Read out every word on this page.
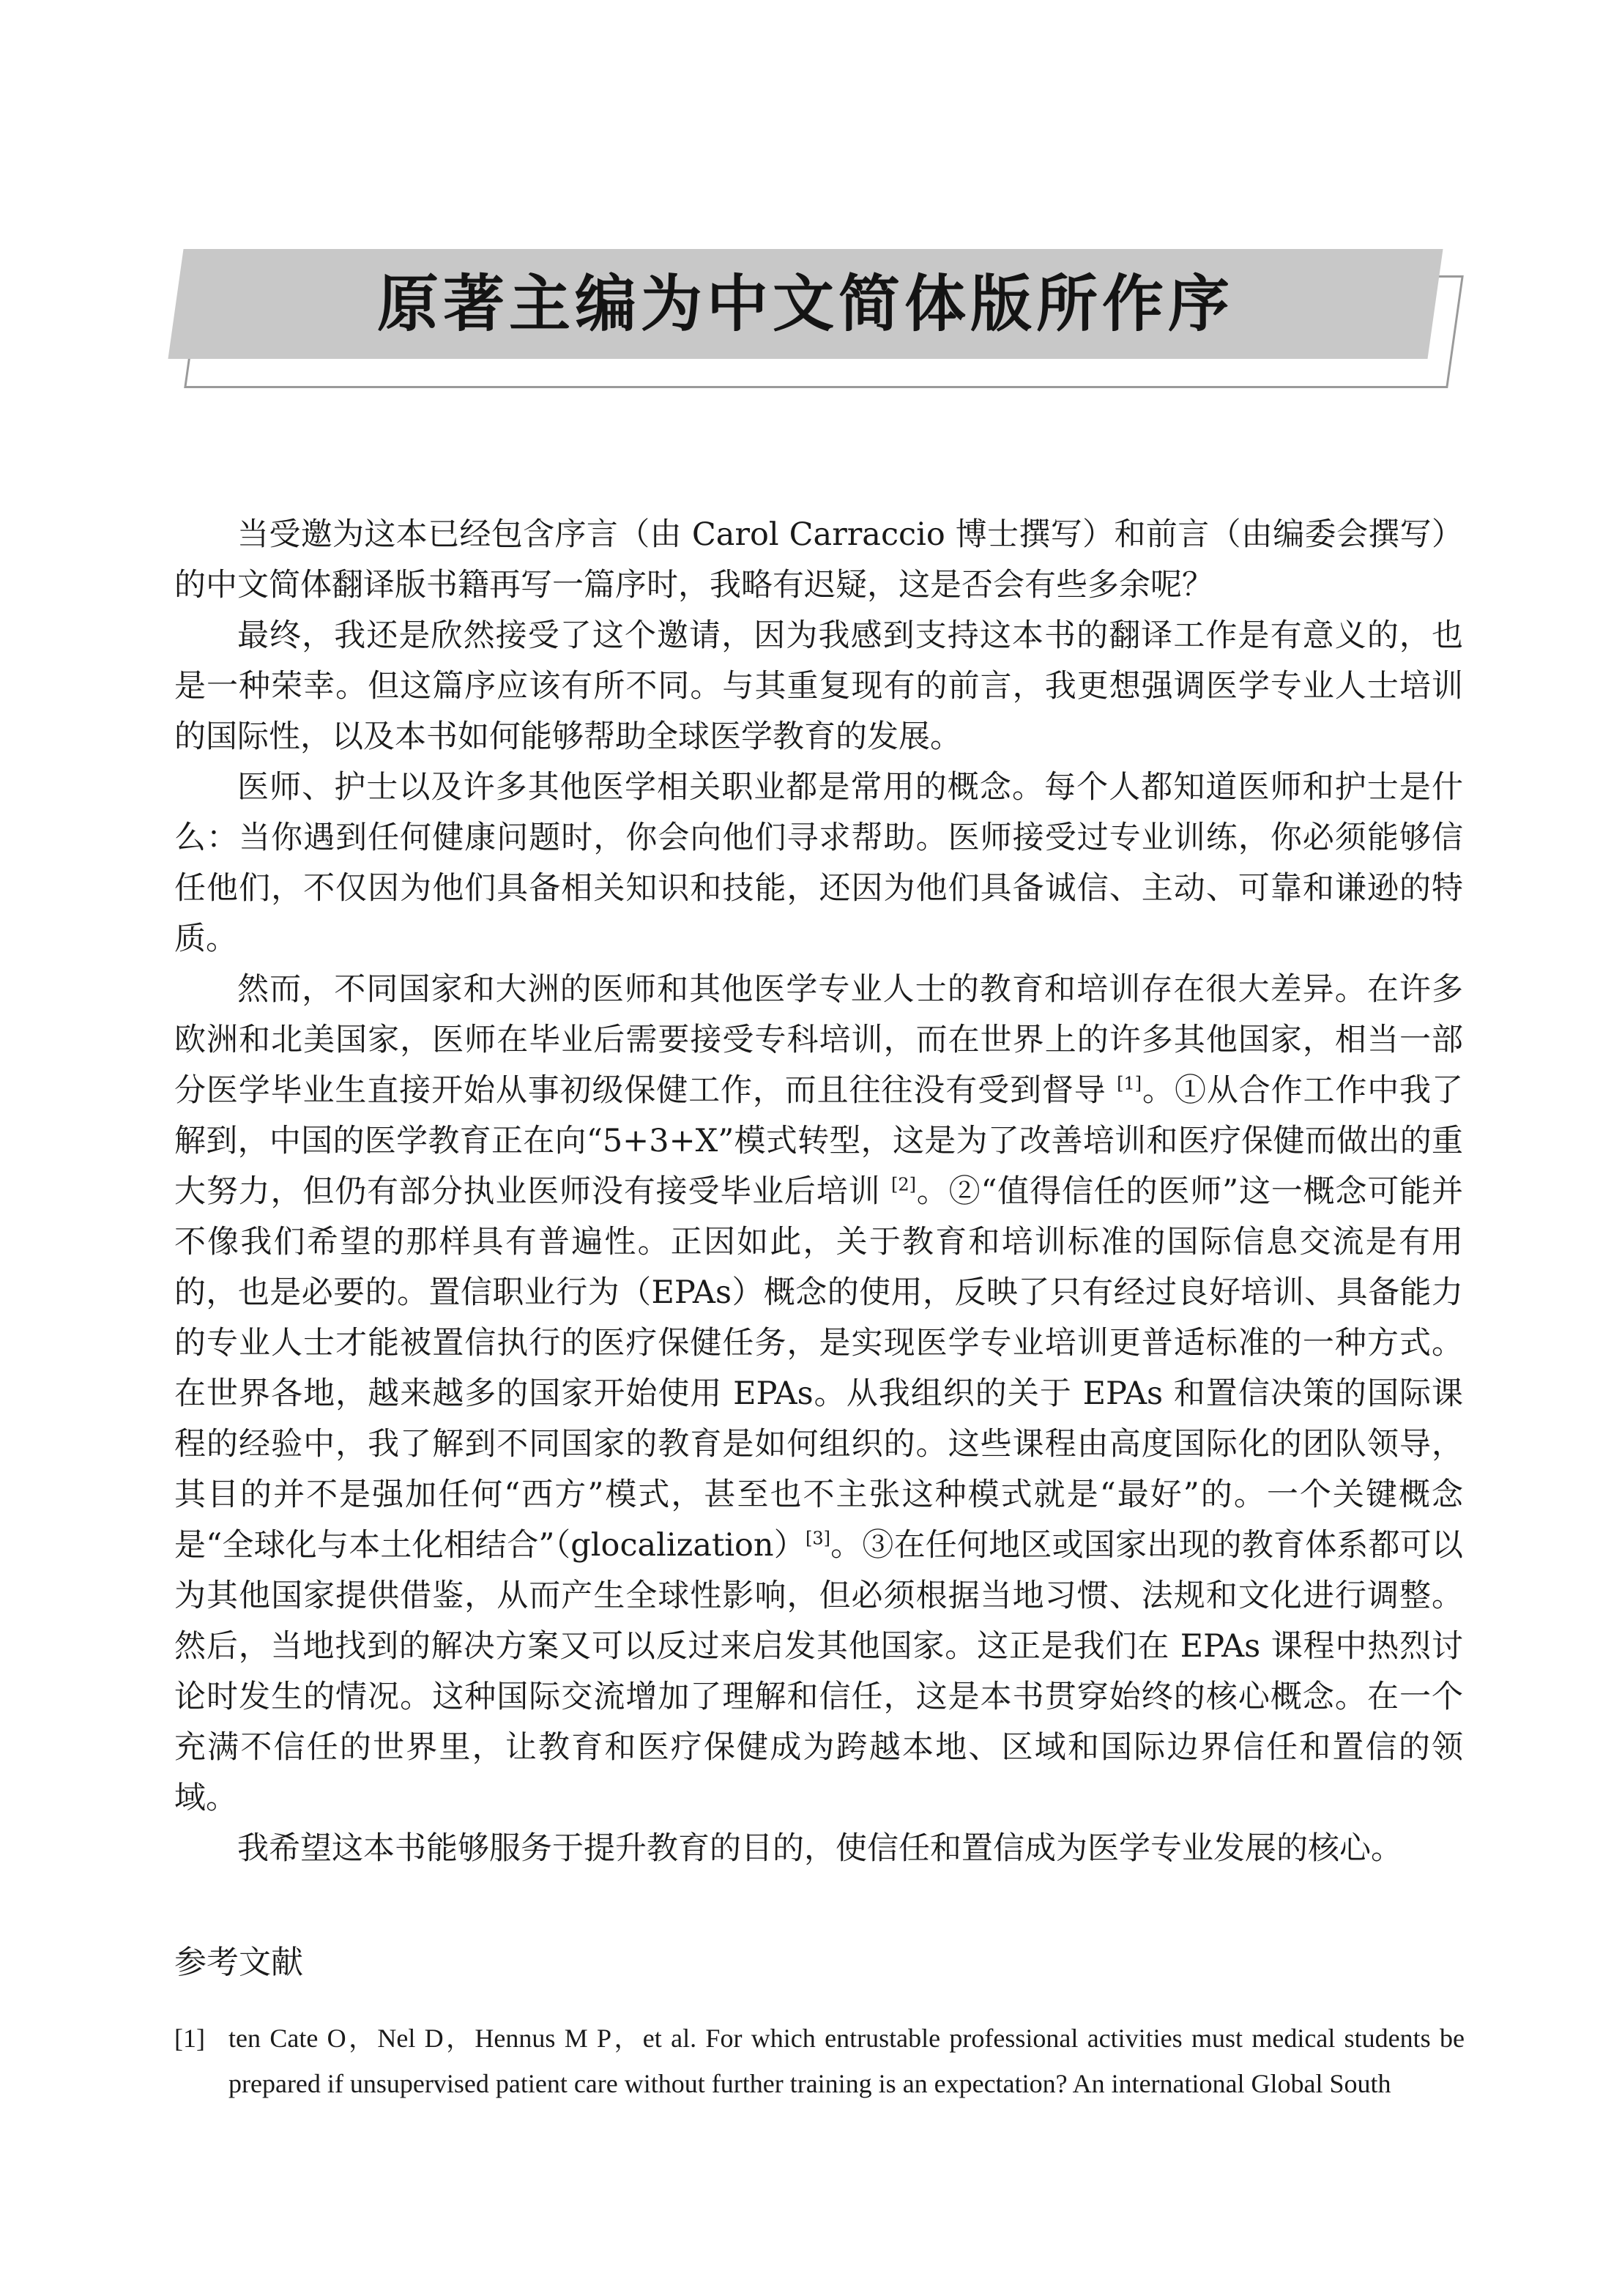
原著主编为中文简体版所作序

当受邀为这本已经包含序言（由 Carol Carraccio 博士撰写）和前言（由编委会撰写）的中文简体翻译版书籍再写一篇序时，我略有迟疑，这是否会有些多余呢？

最终，我还是欣然接受了这个邀请，因为我感到支持这本书的翻译工作是有意义的，也是一种荣幸。但这篇序应该有所不同。与其重复现有的前言，我更想强调医学专业人士培训的国际性，以及本书如何能够帮助全球医学教育的发展。

医师、护士以及许多其他医学相关职业都是常用的概念。每个人都知道医师和护士是什么：当你遇到任何健康问题时，你会向他们寻求帮助。医师接受过专业训练，你必须能够信任他们，不仅因为他们具备相关知识和技能，还因为他们具备诚信、主动、可靠和谦逊的特质。

然而，不同国家和大洲的医师和其他医学专业人士的教育和培训存在很大差异。在许多欧洲和北美国家，医师在毕业后需要接受专科培训，而在世界上的许多其他国家，相当一部分医学毕业生直接开始从事初级保健工作，而且往往没有受到督导 [1]。①从合作工作中我了解到，中国的医学教育正在向“5+3+X”模式转型，这是为了改善培训和医疗保健而做出的重大努力，但仍有部分执业医师没有接受毕业后培训 [2]。②“值得信任的医师”这一概念可能并不像我们希望的那样具有普遍性。正因如此，关于教育和培训标准的国际信息交流是有用的，也是必要的。置信职业行为（EPAs）概念的使用，反映了只有经过良好培训、具备能力的专业人士才能被置信执行的医疗保健任务，是实现医学专业培训更普适标准的一种方式。在世界各地，越来越多的国家开始使用 EPAs。从我组织的关于 EPAs 和置信决策的国际课程的经验中，我了解到不同国家的教育是如何组织的。这些课程由高度国际化的团队领导，其目的并不是强加任何“西方”模式，甚至也不主张这种模式就是“最好”的。一个关键概念是“全球化与本土化相结合”（glocalization）[3]。③在任何地区或国家出现的教育体系都可以为其他国家提供借鉴，从而产生全球性影响，但必须根据当地习惯、法规和文化进行调整。然后，当地找到的解决方案又可以反过来启发其他国家。这正是我们在 EPAs 课程中热烈讨论时发生的情况。这种国际交流增加了理解和信任，这是本书贯穿始终的核心概念。在一个充满不信任的世界里，让教育和医疗保健成为跨越本地、区域和国际边界信任和置信的领域。

我希望这本书能够服务于提升教育的目的，使信任和置信成为医学专业发展的核心。

参考文献
[1] ten Cate O，Nel D，Hennus M P，et al. For which entrustable professional activities must medical students be prepared if unsupervised patient care without further training is an expectation? An international Global South
